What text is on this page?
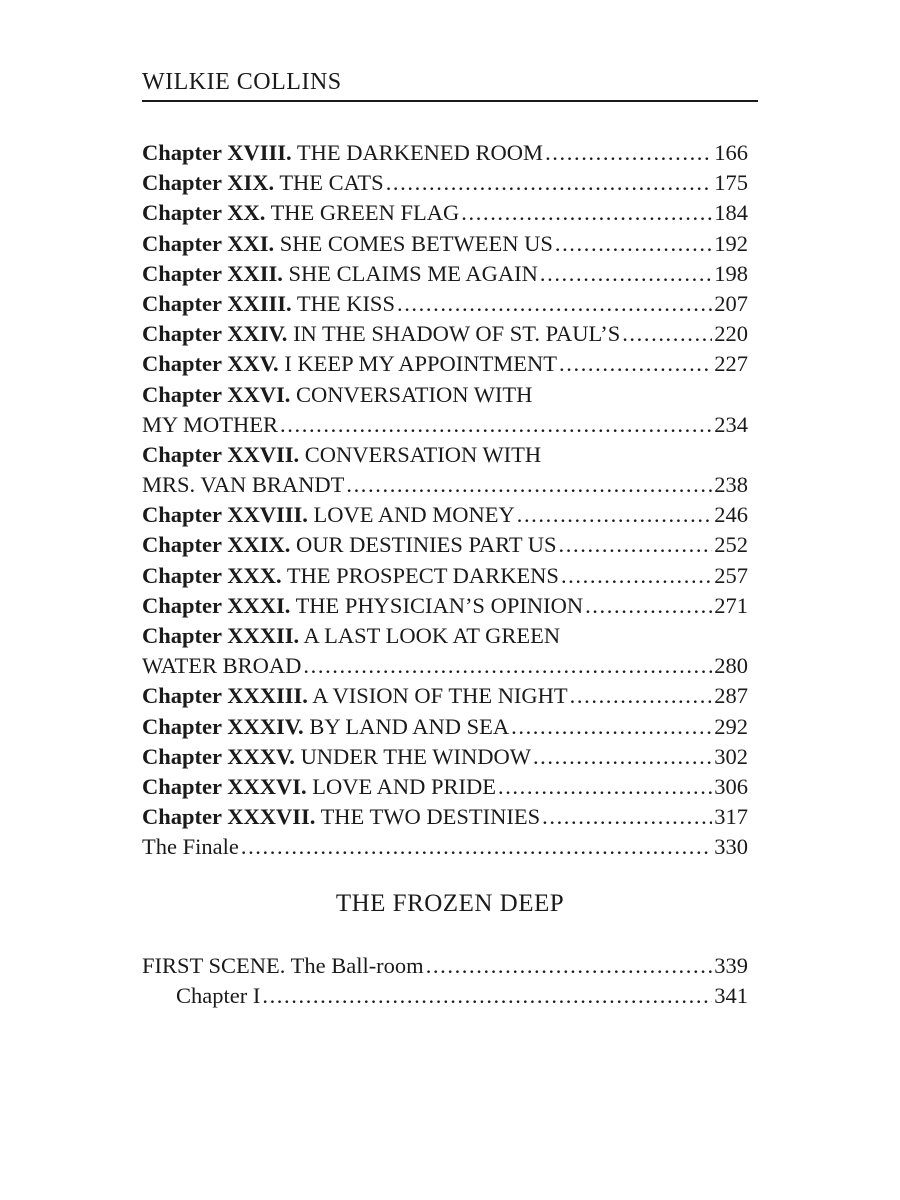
WILKIE COLLINS
Chapter XVIII. THE DARKENED ROOM .....	166
Chapter XIX. THE CATS .....	175
Chapter XX. THE GREEN FLAG .....	184
Chapter XXI. SHE COMES BETWEEN US .....	192
Chapter XXII. SHE CLAIMS ME AGAIN .....	198
Chapter XXIII. THE KISS .....	207
Chapter XXIV. IN THE SHADOW OF ST. PAUL’S .....	220
Chapter XXV. I KEEP MY APPOINTMENT .....	227
Chapter XXVI. CONVERSATION WITH
MY MOTHER .....	234
Chapter XXVII. CONVERSATION WITH
MRS. VAN BRANDT .....	238
Chapter XXVIII. LOVE AND MONEY .....	246
Chapter XXIX. OUR DESTINIES PART US .....	252
Chapter XXX. THE PROSPECT DARKENS .....	257
Chapter XXXI. THE PHYSICIAN’S OPINION .....	271
Chapter XXXII. A LAST LOOK AT GREEN
WATER BROAD .....	280
Chapter XXXIII. A VISION OF THE NIGHT .....	287
Chapter XXXIV. BY LAND AND SEA .....	292
Chapter XXXV. UNDER THE WINDOW .....	302
Chapter XXXVI. LOVE AND PRIDE .....	306
Chapter XXXVII. THE TWO DESTINIES .....	317
The Finale .....	330
THE FROZEN DEEP
FIRST SCENE. The Ball-room .....	339
Chapter I .....	341
